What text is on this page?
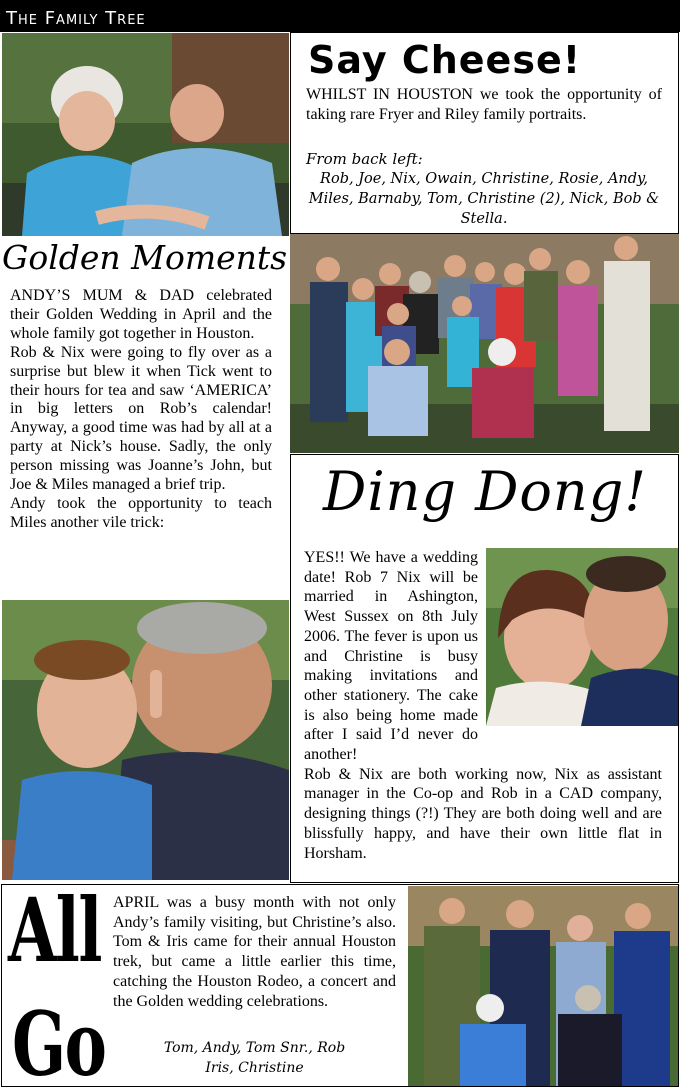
The Family Tree
Say Cheese!
WHILST IN HOUSTON we took the opportunity of taking rare Fryer and Riley family portraits.
From back left:
Rob, Joe, Nix, Owain, Christine, Rosie, Andy, Miles, Barnaby, Tom, Christine (2), Nick, Bob & Stella.
Golden Moments

ANDY’S MUM & DAD celebrated their Golden Wedding in April and the whole family got together in Houston.

Rob & Nix were going to fly over as a surprise but blew it when Tick went to their hours for tea and saw ‘AMERICA’ in big letters on Rob’s calendar! Anyway, a good time was had by all at a party at Nick’s house. Sadly, the only person missing was Joanne’s John, but Joe & Miles managed a brief trip.

Andy took the opportunity to teach Miles another vile trick:	Ding Dong!

YES!! We have a wedding date! Rob 7 Nix will be married in Ashington, West Sussex on 8th July 2006. The fever is upon us and Christine is busy making invitations and other stationery. The cake is also being home made after I said I’d never do another!

Rob & Nix are both working now, Nix as assistant manager in the Co-op and Rob in a CAD company, designing things (?!) They are both doing well and are blissfully happy, and have their own little flat in Horsham.

All
Go
APRIL was a busy month with not only Andy’s family visiting, but Christine’s also. Tom & Iris came for their annual Houston trek, but came a little earlier this time, catching the Houston Rodeo, a concert and the Golden wedding celebrations.
Tom, Andy, Tom Snr., Rob
Iris, Christine
